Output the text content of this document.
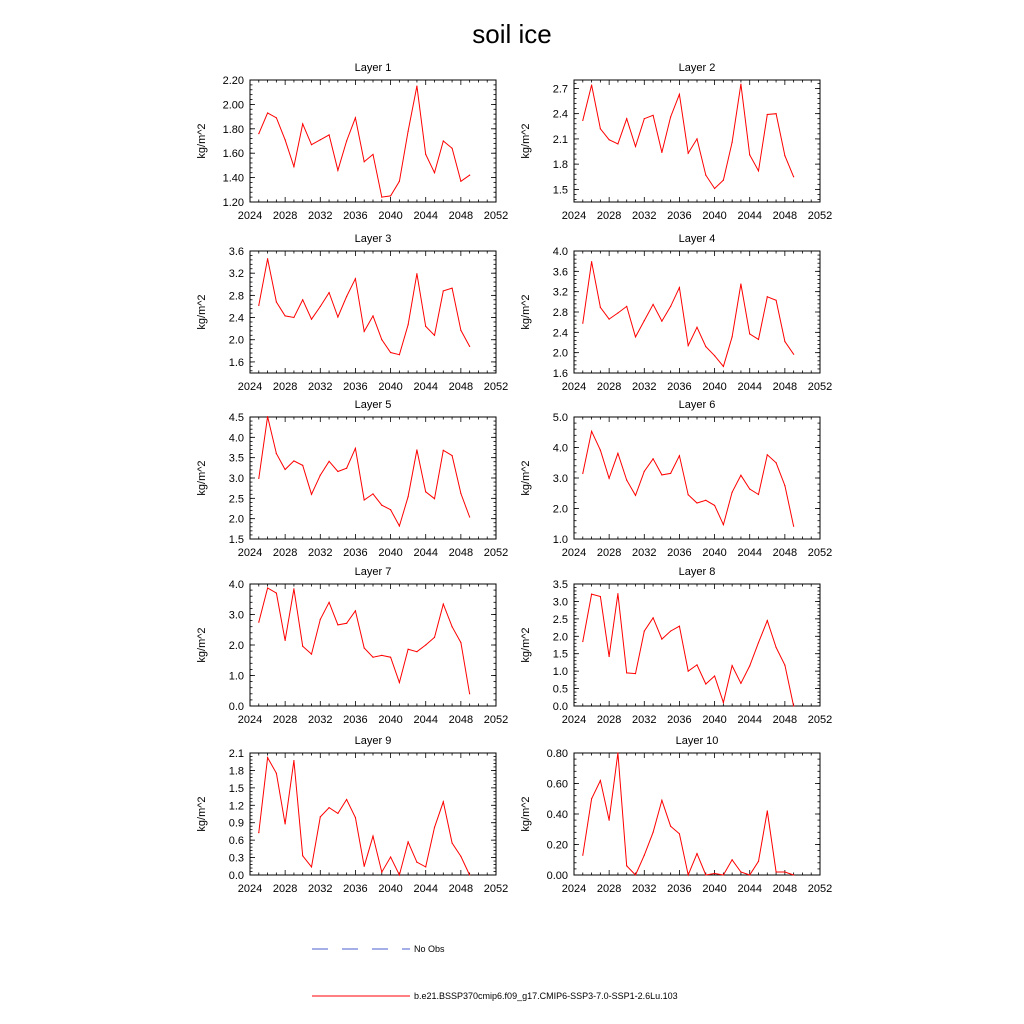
soil ice
Layer 1
2024 2028 2032 2036 2040 2044 2048 2052
1.20
1.40
1.60
1.80
2.00
2.20
kg/m^2
Layer 2
2024 2028 2032 2036 2040 2044 2048 2052
1.5
1.8
2.1
2.4
2.7
kg/m^2
Layer 3
2024 2028 2032 2036 2040 2044 2048 2052
1.6
2.0
2.4
2.8
3.2
3.6
kg/m^2
Layer 4
2024 2028 2032 2036 2040 2044 2048 2052
1.6
2.0
2.4
2.8
3.2
3.6
4.0
kg/m^2
Layer 5
2024 2028 2032 2036 2040 2044 2048 2052
1.5
2.0
2.5
3.0
3.5
4.0
4.5
kg/m^2
Layer 6
2024 2028 2032 2036 2040 2044 2048 2052
1.0
2.0
3.0
4.0
5.0
kg/m^2
Layer 7
2024 2028 2032 2036 2040 2044 2048 2052
0.0
1.0
2.0
3.0
4.0
kg/m^2
Layer 8
2024 2028 2032 2036 2040 2044 2048 2052
0.0
0.5
1.0
1.5
2.0
2.5
3.0
3.5
kg/m^2
Layer 9
2024 2028 2032 2036 2040 2044 2048 2052
0.0
0.3
0.6
0.9
1.2
1.5
1.8
2.1
kg/m^2
Layer 10
2024 2028 2032 2036 2040 2044 2048 2052
0.00
0.20
0.40
0.60
0.80
kg/m^2
No Obs
b.e21.BSSP370cmip6.f09_g17.CMIP6-SSP3-7.0-SSP1-2.6Lu.103
